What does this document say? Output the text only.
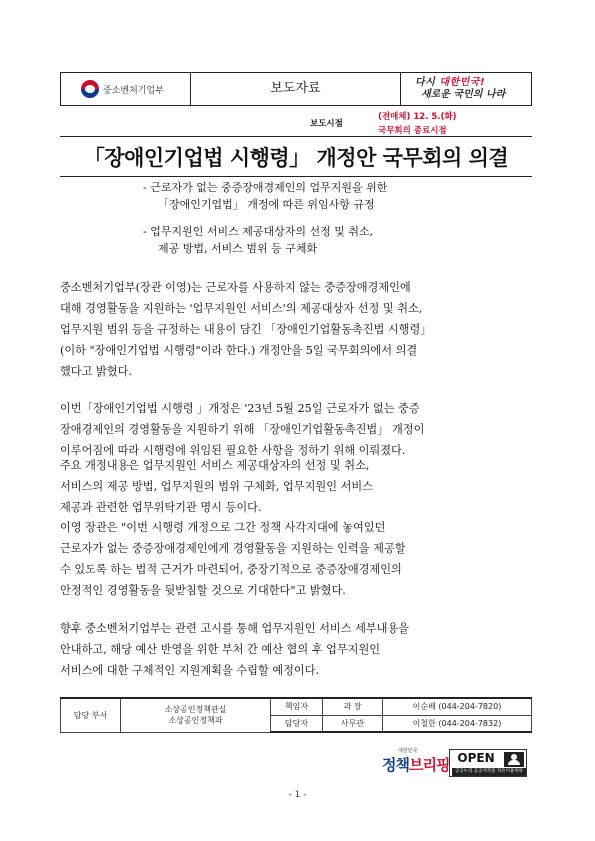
중소벤처기업부	보도자료	다시 대한민국!
새로운 국민의 나라
보도시점
(전매체) 12. 5.(화)
국무회의 종료시점
「장애인기업법 시행령」 개정안 국무회의 의결
- 근로자가 없는 중증장애경제인의 업무지원을 위한
「장애인기업법」 개정에 따른 위임사항 규정
- 업무지원인 서비스 제공대상자의 선정 및 취소,
제공 방법, 서비스 범위 등 구체화
중소벤처기업부(장관 이영)는 근로자를 사용하지 않는 중증장애경제인에
대해 경영활동을 지원하는 '업무지원인 서비스'의 제공대상자 선정 및 취소,
업무지원 범위 등을 규정하는 내용이 담긴 「장애인기업활동촉진법 시행령」
(이하 "장애인기업법 시행령"이라 한다.) 개정안을 5일 국무회의에서 의결
했다고 밝혔다.
이번「장애인기업법 시행령 」개정은 '23년 5월 25일 근로자가 없는 중증
장애경제인의 경영활동을 지원하기 위해 「장애인기업활동촉진법」 개정이
이루어짐에 따라 시행령에 위임된 필요한 사항을 정하기 위해 이뤄졌다.
주요 개정내용은 업무지원인 서비스 제공대상자의 선정 및 취소,
서비스의 제공 방법, 업무지원의 범위 구체화, 업무지원인 서비스
제공과 관련한 업무위탁기관 명시 등이다.
이영 장관은 "이번 시행령 개정으로 그간 정책 사각지대에 놓여있던
근로자가 없는 중증장애경제인에게 경영활동을 지원하는 인력을 제공할
수 있도록 하는 법적 근거가 마련되어, 중장기적으로 중증장애경제인의
안정적인 경영활동을 뒷받침할 것으로 기대한다"고 밝혔다.
향후 중소벤처기업부는 관련 고시를 통해 업무지원인 서비스 세부내용을
안내하고, 해당 예산 반영을 위한 부처 간 예산 협의 후 업무지원인
서비스에 대한 구체적인 지원계획을 수립할 예정이다.
담당 부서	소상공인정책관실
소상공인정책과	책임자	과 장	이순배 (044-204-7820)
		담당자	사무관	이철한 (044-204-7832)
대한민국
정책브리핑 OPEN
공공누리 공공저작물 자유이용허락
- 1 -
